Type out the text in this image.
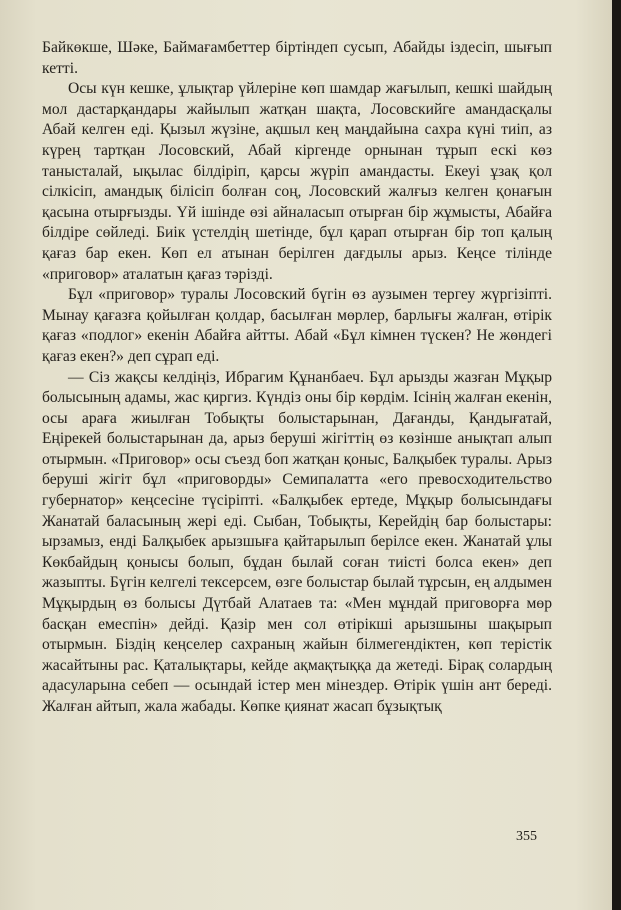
Байкөкше, Шәке, Баймағамбеттер біртіндеп сусып, Абайды іздесіп, шығып кетті.

Осы күн кешке, ұлықтар үйлеріне көп шамдар жағылып, кешкі шайдың мол дастарқандары жайылып жатқан шақта, Лосовскийге амандасқалы Абай келген еді. Қызыл жүзіне, ақшыл кең маңдайына сахра күні тиіп, аз күрең тартқан Лосовский, Абай кіргенде орнынан тұрып ескі көз танысталай, ықылас білдіріп, қарсы жүріп амандасты. Екеуі ұзақ қол сілкісіп, амандық білісіп болған соң, Лосовский жалғыз келген қонағын қасына отырғызды. Үй ішінде өзі айналасып отырған бір жұмысты, Абайға білдіре сөйледі. Биік үстелдің шетінде, бұл қарап отырған бір топ қалың қағаз бар екен. Көп ел атынан берілген дағдылы арыз. Кеңсе тілінде «приговор» аталатын қағаз тәрізді.

Бұл «приговор» туралы Лосовский бүгін өз аузымен тергеу жүргізіпті. Мынау қағазға қойылған қолдар, басылған мөрлер, барлығы жалған, өтірік қағаз «подлог» екенін Абайға айтты. Абай «Бұл кімнен түскен? Не жөндегі қағаз екен?» деп сұрап еді.

— Сіз жақсы келдіңіз, Ибрагим Құнанбаеч. Бұл арызды жазған Мұқыр болысының адамы, жас қиргиз. Күндіз оны бір көрдім. Ісінің жалған екенін, осы араға жиылған Тобықты болыстарынан, Дағанды, Қандығатай, Еңірекей болыстарынан да, арыз беруші жігіттің өз көзінше анықтап алып отырмын. «Приговор» осы съезд боп жатқан қоныс, Балқыбек туралы. Арыз беруші жігіт бұл «приговорды» Семипалатта «его превосходительство губернатор» кеңсесіне түсіріпті. «Балқыбек ертеде, Мұқыр болысындағы Жанатай баласының жері еді. Сыбан, Тобықты, Керейдің бар болыстары: ырзамыз, енді Балқыбек арызшыға қайтарылып берілсе екен. Жанатай ұлы Көкбайдың қонысы болып, бұдан былай соған тиісті болса екен» деп жазыпты. Бүгін келгелі тексерсем, өзге болыстар былай тұрсын, ең алдымен Мұқырдың өз болысы Дүтбай Алатаев та: «Мен мұндай приговорға мөр басқан емеспін» дейді. Қазір мен сол өтірікші арызшыны шақырып отырмын. Біздің кеңселер сахраның жайын білмегендіктен, көп терістік жасайтыны рас. Қаталықтары, кейде ақмақтыққа да жетеді. Бірақ солардың адасуларына себеп — осындай істер мен мінездер. Өтірік үшін ант береді. Жалған айтып, жала жабады. Көпке қиянат жасап бұзықтық

355
